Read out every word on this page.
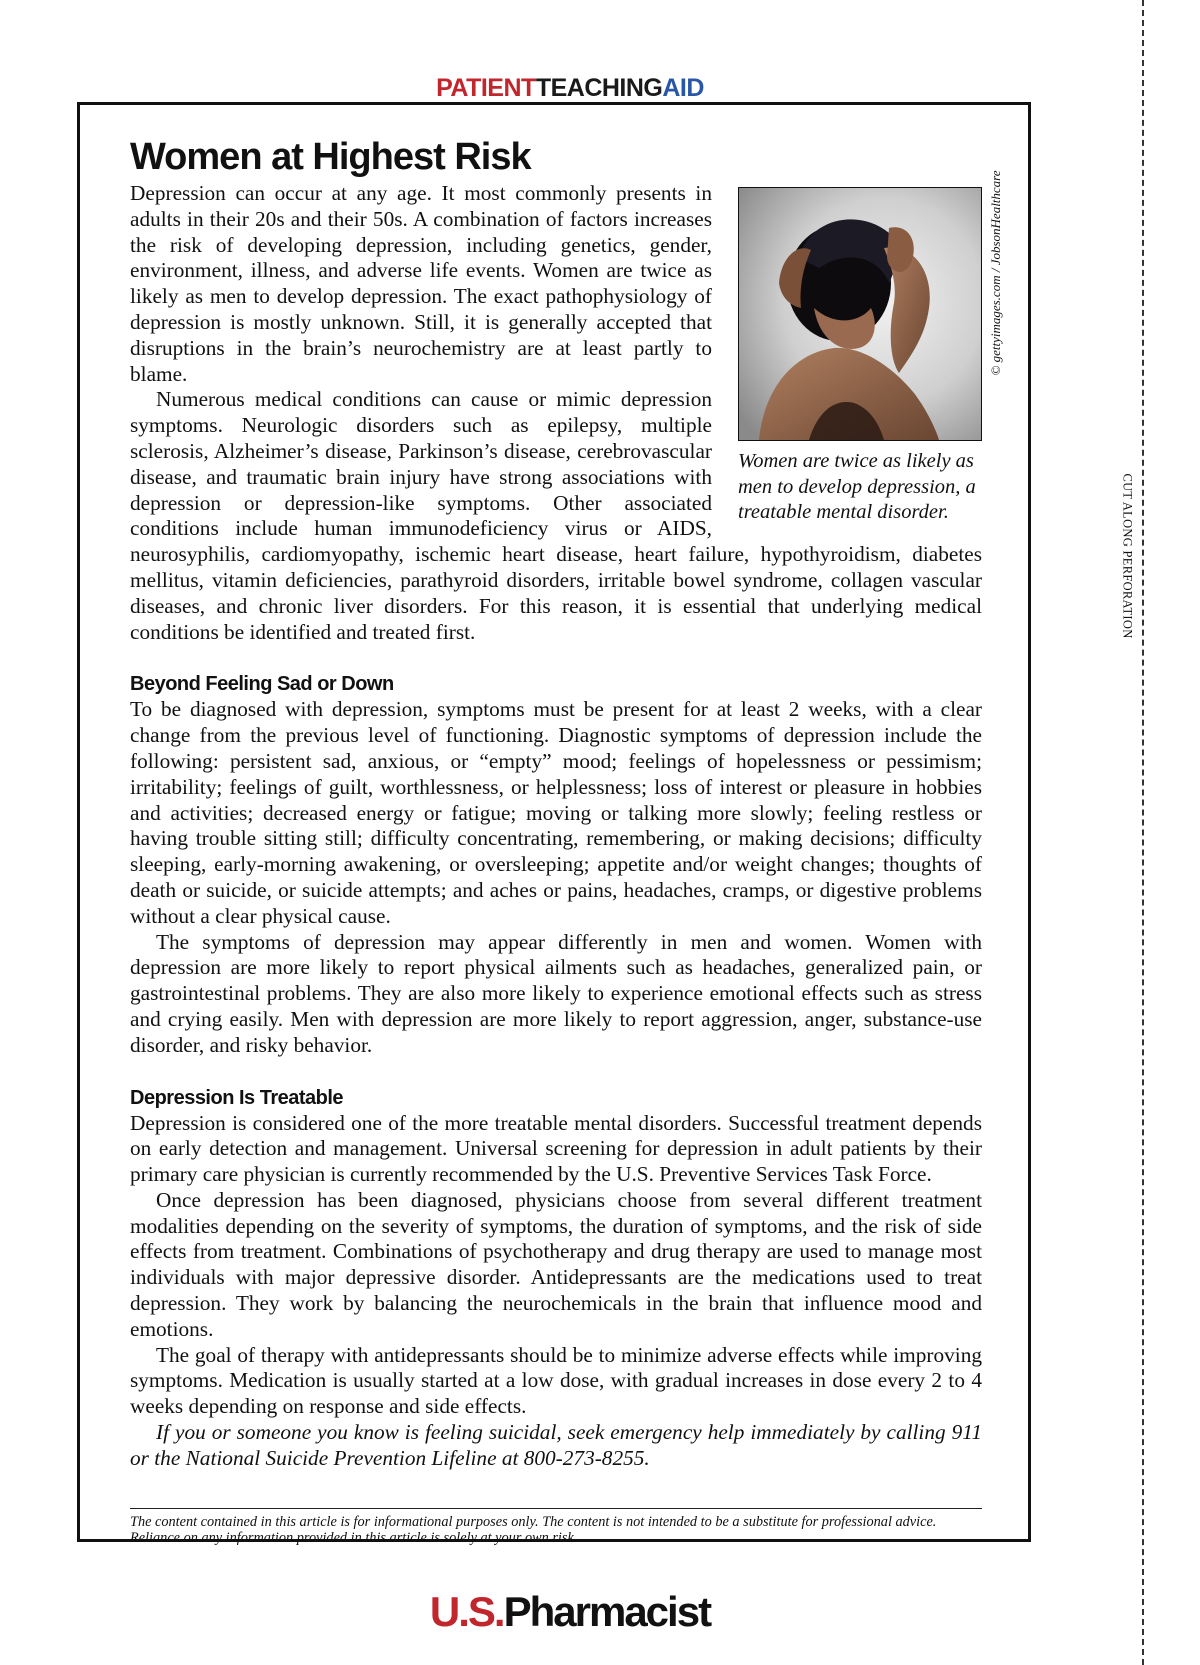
PATIENTTEACHINGAID
Women at Highest Risk
Women are twice as likely as men to develop depression, a treatable mental disorder.

Depression can occur at any age. It most commonly presents in adults in their 20s and their 50s. A combination of factors increases the risk of developing depression, including genetics, gender, environment, illness, and adverse life events. Women are twice as likely as men to develop depression. The exact pathophysiology of depression is mostly unknown. Still, it is generally accepted that disruptions in the brain’s neurochemistry are at least partly to blame.

Numerous medical conditions can cause or mimic depression symptoms. Neurologic disorders such as epilepsy, multiple sclerosis, Alzheimer’s disease, Parkinson’s disease, cerebrovascular disease, and traumatic brain injury have strong associations with depression or depression-like symptoms. Other associated conditions include human immunodeficiency virus or AIDS, neurosyphilis, cardiomyopathy, ischemic heart disease, heart failure, hypothyroidism, diabetes mellitus, vitamin deficiencies, parathyroid disorders, irritable bowel syndrome, collagen vascular diseases, and chronic liver disorders. For this reason, it is essential that underlying medical conditions be identified and treated first.

Beyond Feeling Sad or Down

To be diagnosed with depression, symptoms must be present for at least 2 weeks, with a clear change from the previous level of functioning. Diagnostic symptoms of depression include the following: persistent sad, anxious, or “empty” mood; feelings of hopelessness or pessimism; irritability; feelings of guilt, worthlessness, or helplessness; loss of interest or pleasure in hobbies and activities; decreased energy or fatigue; moving or talking more slowly; feeling restless or having trouble sitting still; difficulty concentrating, remembering, or making decisions; difficulty sleeping, early-morning awakening, or oversleeping; appetite and/or weight changes; thoughts of death or suicide, or suicide attempts; and aches or pains, headaches, cramps, or digestive problems without a clear physical cause.

The symptoms of depression may appear differently in men and women. Women with depression are more likely to report physical ailments such as headaches, generalized pain, or gastrointestinal problems. They are also more likely to experience emotional effects such as stress and crying easily. Men with depression are more likely to report aggression, anger, substance-use disorder, and risky behavior.

Depression Is Treatable

Depression is considered one of the more treatable mental disorders. Successful treatment depends on early detection and management. Universal screening for depression in adult patients by their primary care physician is currently recommended by the U.S. Preventive Services Task Force.

Once depression has been diagnosed, physicians choose from several different treatment modalities depending on the severity of symptoms, the duration of symptoms, and the risk of side effects from treatment. Combinations of psychotherapy and drug therapy are used to manage most individuals with major depressive disorder. Antidepressants are the medications used to treat depression. They work by balancing the neurochemicals in the brain that influence mood and emotions.

The goal of therapy with antidepressants should be to minimize adverse effects while improving symptoms. Medication is usually started at a low dose, with gradual increases in dose every 2 to 4 weeks depending on response and side effects.

If you or someone you know is feeling suicidal, seek emergency help immediately by calling 911 or the National Suicide Prevention Lifeline at 800-273-8255.

© gettyimages.com / JobsonHealthcare
The content contained in this article is for informational purposes only. The content is not intended to be a substitute for professional advice. Reliance on any information provided in this article is solely at your own risk.
U.S.Pharmacist
CUT ALONG PERFORATION
